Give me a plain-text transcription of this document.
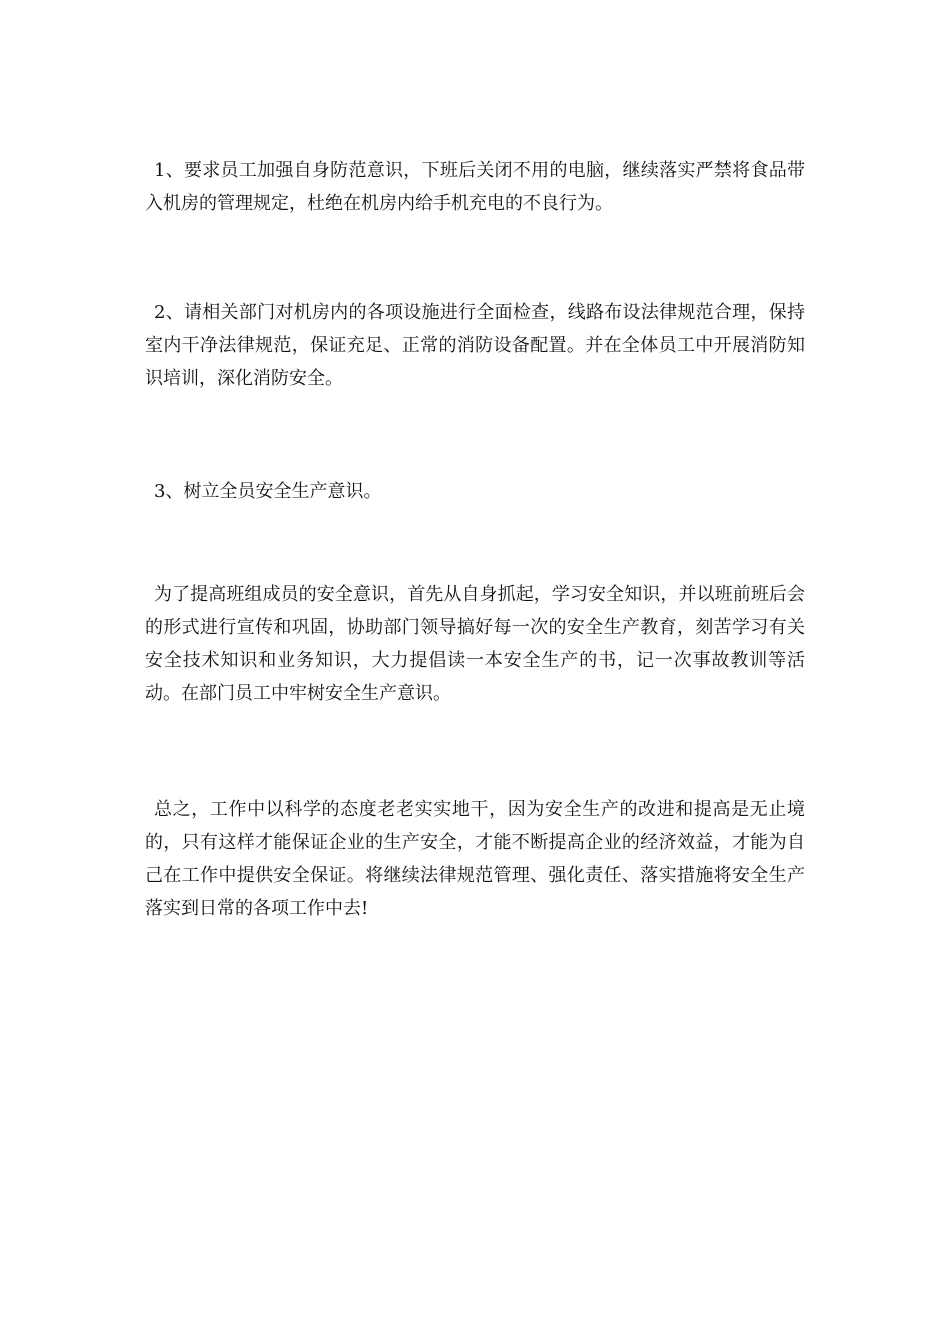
1、要求员工加强自身防范意识，下班后关闭不用的电脑，继续落实严禁将食品带入机房的管理规定，杜绝在机房内给手机充电的不良行为。

2、请相关部门对机房内的各项设施进行全面检查，线路布设法律规范合理，保持室内干净法律规范，保证充足、正常的消防设备配置。并在全体员工中开展消防知识培训，深化消防安全。

3、树立全员安全生产意识。

为了提高班组成员的安全意识，首先从自身抓起，学习安全知识，并以班前班后会的形式进行宣传和巩固，协助部门领导搞好每一次的安全生产教育，刻苦学习有关安全技术知识和业务知识，大力提倡读一本安全生产的书，记一次事故教训等活动。在部门员工中牢树安全生产意识。

总之，工作中以科学的态度老老实实地干，因为安全生产的改进和提高是无止境的，只有这样才能保证企业的生产安全，才能不断提高企业的经济效益，才能为自己在工作中提供安全保证。将继续法律规范管理、强化责任、落实措施将安全生产落实到日常的各项工作中去!
